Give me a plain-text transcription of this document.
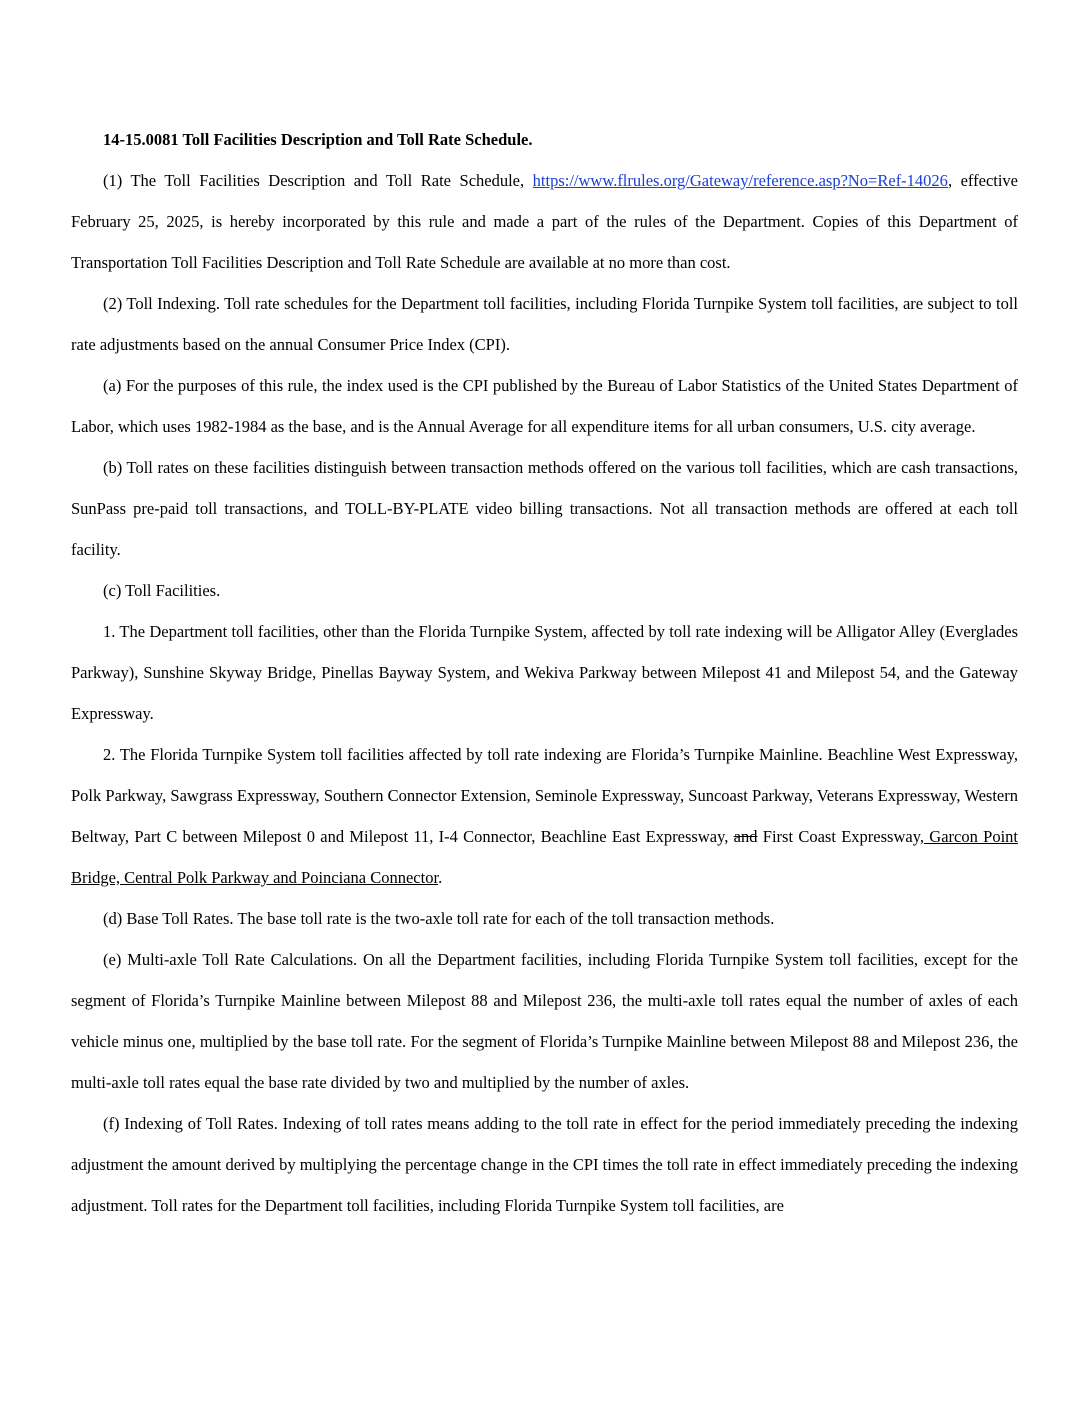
14-15.0081 Toll Facilities Description and Toll Rate Schedule.

(1) The Toll Facilities Description and Toll Rate Schedule, https://www.flrules.org/Gateway/reference.asp?No=Ref-14026, effective February 25, 2025, is hereby incorporated by this rule and made a part of the rules of the Department. Copies of this Department of Transportation Toll Facilities Description and Toll Rate Schedule are available at no more than cost.

(2) Toll Indexing. Toll rate schedules for the Department toll facilities, including Florida Turnpike System toll facilities, are subject to toll rate adjustments based on the annual Consumer Price Index (CPI).

(a) For the purposes of this rule, the index used is the CPI published by the Bureau of Labor Statistics of the United States Department of Labor, which uses 1982-1984 as the base, and is the Annual Average for all expenditure items for all urban consumers, U.S. city average.

(b) Toll rates on these facilities distinguish between transaction methods offered on the various toll facilities, which are cash transactions, SunPass pre-paid toll transactions, and TOLL-BY-PLATE video billing transactions. Not all transaction methods are offered at each toll facility.

(c) Toll Facilities.

1. The Department toll facilities, other than the Florida Turnpike System, affected by toll rate indexing will be Alligator Alley (Everglades Parkway), Sunshine Skyway Bridge, Pinellas Bayway System, and Wekiva Parkway between Milepost 41 and Milepost 54, and the Gateway Expressway.

2. The Florida Turnpike System toll facilities affected by toll rate indexing are Florida’s Turnpike Mainline. Beachline West Expressway, Polk Parkway, Sawgrass Expressway, Southern Connector Extension, Seminole Expressway, Suncoast Parkway, Veterans Expressway, Western Beltway, Part C between Milepost 0 and Milepost 11, I-4 Connector, Beachline East Expressway, and First Coast Expressway, Garcon Point Bridge, Central Polk Parkway and Poinciana Connector.

(d) Base Toll Rates. The base toll rate is the two-axle toll rate for each of the toll transaction methods.

(e) Multi-axle Toll Rate Calculations. On all the Department facilities, including Florida Turnpike System toll facilities, except for the segment of Florida’s Turnpike Mainline between Milepost 88 and Milepost 236, the multi-axle toll rates equal the number of axles of each vehicle minus one, multiplied by the base toll rate. For the segment of Florida’s Turnpike Mainline between Milepost 88 and Milepost 236, the multi-axle toll rates equal the base rate divided by two and multiplied by the number of axles.

(f) Indexing of Toll Rates. Indexing of toll rates means adding to the toll rate in effect for the period immediately preceding the indexing adjustment the amount derived by multiplying the percentage change in the CPI times the toll rate in effect immediately preceding the indexing adjustment. Toll rates for the Department toll facilities, including Florida Turnpike System toll facilities, are
